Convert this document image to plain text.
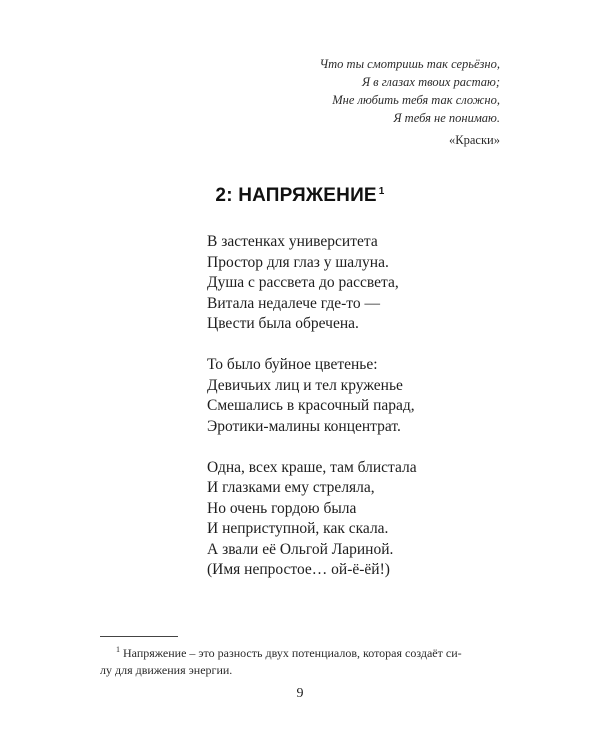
Что ты смотришь так серьёзно,
Я в глазах твоих растаю;
Мне любить тебя так сложно,
Я тебя не понимаю.
«Краски»
2: НАПРЯЖЕНИЕ $^1$
В застенках университета
Простор для глаз у шалуна.
Душа с рассвета до рассвета,
Витала недалече где-то —
Цвести была обречена.
То было буйное цветенье:
Девичьих лиц и тел круженье
Смешались в красочный парад,
Эротики-малины концентрат.
Одна, всех краше, там блистала
И глазками ему стреляла,
Но очень гордою была
И неприступной, как скала.
А звали её Ольгой Лариной.
(Имя непростое… ой-ё-ёй!)
$^1$ Напряжение – это разность двух потенциалов, которая создаёт си-
лу для движения энергии.
9
